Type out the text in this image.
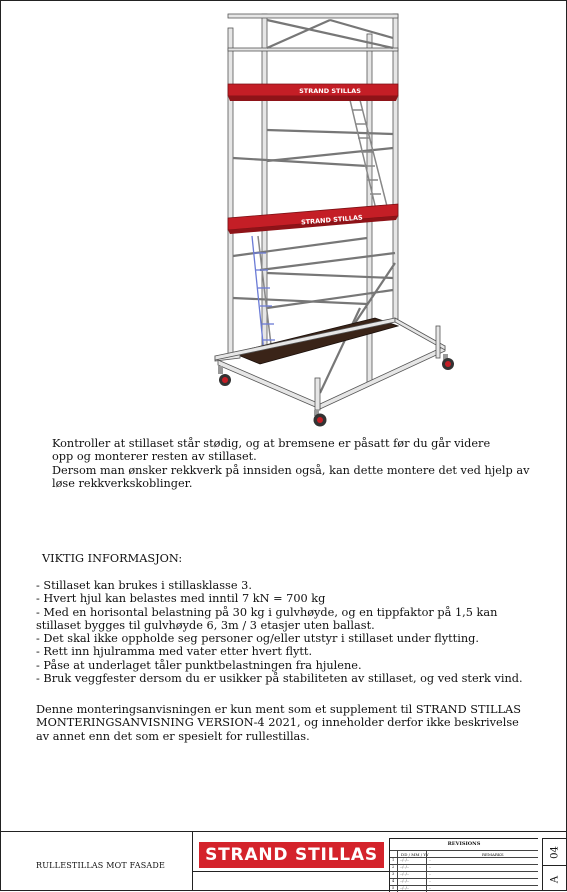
STRAND STILLAS
STRAND STILLAS
Kontroller at stillaset står stødig, og at bremsene er påsatt før du går videre
opp og monterer resten av stillaset.
Dersom man ønsker rekkverk på innsiden også, kan dette montere det ved hjelp av
løse rekkverkskoblinger.
VIKTIG INFORMASJON:
- Stillaset kan brukes i stillasklasse 3.
- Hvert hjul kan belastes med inntil 7 kN = 700 kg
- Med en horisontal belastning på 30 kg i gulvhøyde, og en tippfaktor på 1,5 kan
stillaset bygges til gulvhøyde 6, 3m / 3 etasjer uten ballast.
- Det skal ikke oppholde seg personer og/eller utstyr i stillaset under flytting.
- Rett inn hjulramma med vater etter hvert flytt.
- Påse at underlaget tåler punktbelastningen fra hjulene.
- Bruk veggfester dersom du er usikker på stabiliteten av stillaset, og ved sterk vind.
Denne monteringsanvisningen er kun ment som et supplement til STRAND STILLAS
MONTERINGSANVISNING VERSION-4 2021, og inneholder derfor ikke beskrivelse
av annet enn det som er spesielt for rullestillas.
RULLESTILLAS MOT FASADE
STRAND STILLAS
REVISIONS
DD / MM / YY	REMARKS
1 ../../..	..
2 ../../..	..
3 ../../..	..
4 ../../..	..
5 ../../..	..
04
A
